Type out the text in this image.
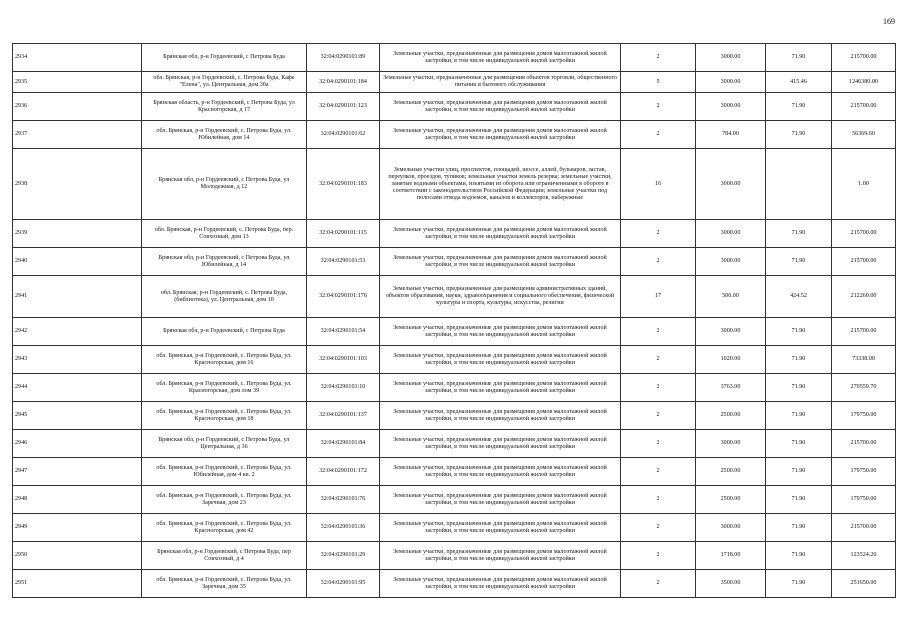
169
2934	Брянская обл, р-н Гордеевский, с Петрова Буда	32:04:0290101:89	Земельные участки, предназначенные для размещения домов малоэтажной жилой застройки, в том числе индивидуальной жилой застройки	2	3000.00	71.90	215700.00
2935	обл. Брянская, р-н Гордеевский, с. Петрова Буда, Кафе "Елена", ул. Центральная, дом 30а	32:04:0290101:184	Земельные участки, предназначенные для размещения объектов торговли, общественного питания и бытового обслуживания	5	3000.00	415.46	1246380.00
2936	Брянская область, р-н Гордеевский, с Петрова Буда, ул Красногорская, д 17	32:04:0290101:123	Земельные участки, предназначенные для размещения домов малоэтажной жилой застройки, в том числе индивидуальной жилой застройки	2	3000.00	71.90	215700.00
2937	обл. Брянская, р-н Гордеевский, с. Петрова Буда, ул. Юбилейная, дом 14	32:04:0290101:62	Земельные участки, предназначенные для размещения домов малоэтажной жилой застройки, в том числе индивидуальной жилой застройки	2	784.00	71.90	56369.60
2938	Брянская обл, р-н Гордеевский, с Петрова Буда, ул Молодежная, д 12	32:04:0290101:183	Земельные участки улиц, проспектов, площадей, шоссе, аллей, бульваров, застав, переулков, проездов, тупиков; земельные участки земель резерва; земельные участки, занятые водными объектами, изъятыми из оборота или ограниченными в обороте в соответствии с законодательством Российской Федерации; земельные участки под полосами отвода водоемов, каналов и коллекторов, набережные	16	3000.00		1.00
2939	обл. Брянская, р-н Гордеевский, с. Петрова Буда, пер. Совхозный, дом 13	32:04:0290101:115	Земельные участки, предназначенные для размещения домов малоэтажной жилой застройки, в том числе индивидуальной жилой застройки	2	3000.00	71.90	215700.00
2940	Брянская обл, р-н Гордеевский, с Петрова Буда, ул Юбилейная, д 14	32:04:0290101:53	Земельные участки, предназначенные для размещения домов малоэтажной жилой застройки, в том числе индивидуальной жилой застройки	2	3000.00	71.90	215700.00
2941	обл. Брянская, р-н Гордеевский, с. Петрова Буда, (библиотека), ул. Центральная, дом 10	32:04:0290101:176	Земельные участки, предназначенные для размещения административных зданий, объектов образования, науки, здравоохранения и социального обеспечения, физической культуры и спорта, культуры, искусства, религии	17	500.00	424.52	212260.00
2942	Брянская обл, р-н Гордеевский, с Петрова Буда	32:04:0290101:54	Земельные участки, предназначенные для размещения домов малоэтажной жилой застройки, в том числе индивидуальной жилой застройки	2	3000.00	71.90	215700.00
2943	обл. Брянская, р-н Гордеевский, с. Петрова Буда, ул. Красногорская, дом 16	32:04:0290101:103	Земельные участки, предназначенные для размещения домов малоэтажной жилой застройки, в том числе индивидуальной жилой застройки	2	1020.00	71.90	73338.00
2944	обл. Брянская, р-н Гордеевский, с. Петрова Буда, ул. Красногорская, дом лом 39	32:04:0290101:10	Земельные участки, предназначенные для размещения домов малоэтажной жилой застройки, в том числе индивидуальной жилой застройки	2	3763.00	71.90	270559.70
2945	обл. Брянская, р-н Гордеевский, с. Петрова Буда, ул. Красногорская, дом 18	32:04:0290101:137	Земельные участки, предназначенные для размещения домов малоэтажной жилой застройки, в том числе индивидуальной жилой застройки	2	2500.00	71.90	179750.00
2946	Брянская обл, р-н Гордеевский, с Петрова Буда, ул Центральная, д 36	32:04:0290101:84	Земельные участки, предназначенные для размещения домов малоэтажной жилой застройки, в том числе индивидуальной жилой застройки	2	3000.00	71.90	215700.00
2947	обл. Брянская, р-н Гордеевский, с. Петрова Буда, ул. Юбилейная, дом 4 кв. 2	32:04:0290101:172	Земельные участки, предназначенные для размещения домов малоэтажной жилой застройки, в том числе индивидуальной жилой застройки	2	2500.00	71.90	179750.00
2948	обл. Брянская, р-н Гордеевский, с. Петрова Буда, ул. Заречная, дом 23	32:04:0290101:76	Земельные участки, предназначенные для размещения домов малоэтажной жилой застройки, в том числе индивидуальной жилой застройки	2	2500.00	71.90	179750.00
2949	обл. Брянская, р-н Гордеевский, с. Петрова Буда, ул. Красногорская, дом 42	32:04:0290101:36	Земельные участки, предназначенные для размещения домов малоэтажной жилой застройки, в том числе индивидуальной жилой застройки	2	3000.00	71.90	215700.00
2950	Брянская обл, р-н Гордеевский, с Петрова Буда, пер Совхозный, д 4	32:04:0290101:29	Земельные участки, предназначенные для размещения домов малоэтажной жилой застройки, в том числе индивидуальной жилой застройки	2	1718.00	71.90	123524.20
2951	обл. Брянская, р-н Гордеевский, с. Петрова Буда, ул. Заречная, дом 35	32:04:0290101:95	Земельные участки, предназначенные для размещения домов малоэтажной жилой застройки, в том числе индивидуальной жилой застройки	2	3500.00	71.90	251650.00
